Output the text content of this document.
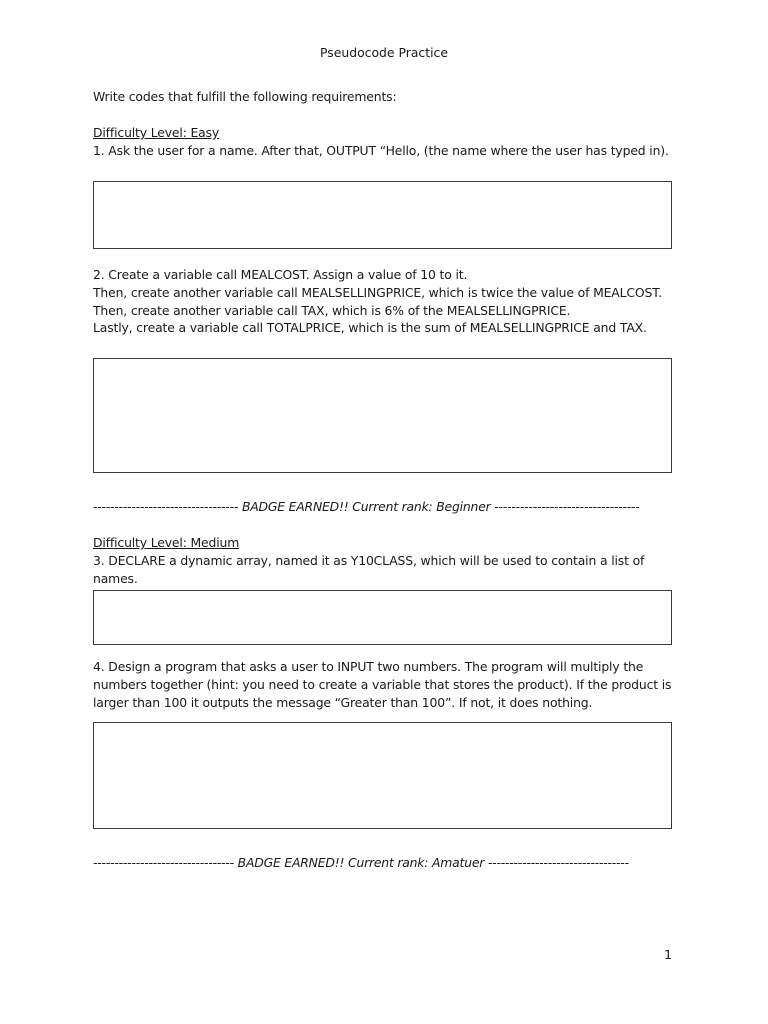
Pseudocode Practice
Write codes that fulfill the following requirements:

Difficulty Level: Easy

1. Ask the user for a name. After that, OUTPUT “Hello, (the name where the user has typed in).

2. Create a variable call MEALCOST. Assign a value of 10 to it.

Then, create another variable call MEALSELLINGPRICE, which is twice the value of MEALCOST.

Then, create another variable call TAX, which is 6% of the MEALSELLINGPRICE.

Lastly, create a variable call TOTALPRICE, which is the sum of MEALSELLINGPRICE and TAX.

---------------------------------- BADGE EARNED!! Current rank: Beginner ----------------------------------

Difficulty Level: Medium

3. DECLARE a dynamic array, named it as Y10CLASS, which will be used to contain a list of names.

4. Design a program that asks a user to INPUT two numbers. The program will multiply the numbers together (hint: you need to create a variable that stores the product). If the product is larger than 100 it outputs the message “Greater than 100”. If not, it does nothing.

--------------------------------- BADGE EARNED!! Current rank: Amatuer ---------------------------------
1
